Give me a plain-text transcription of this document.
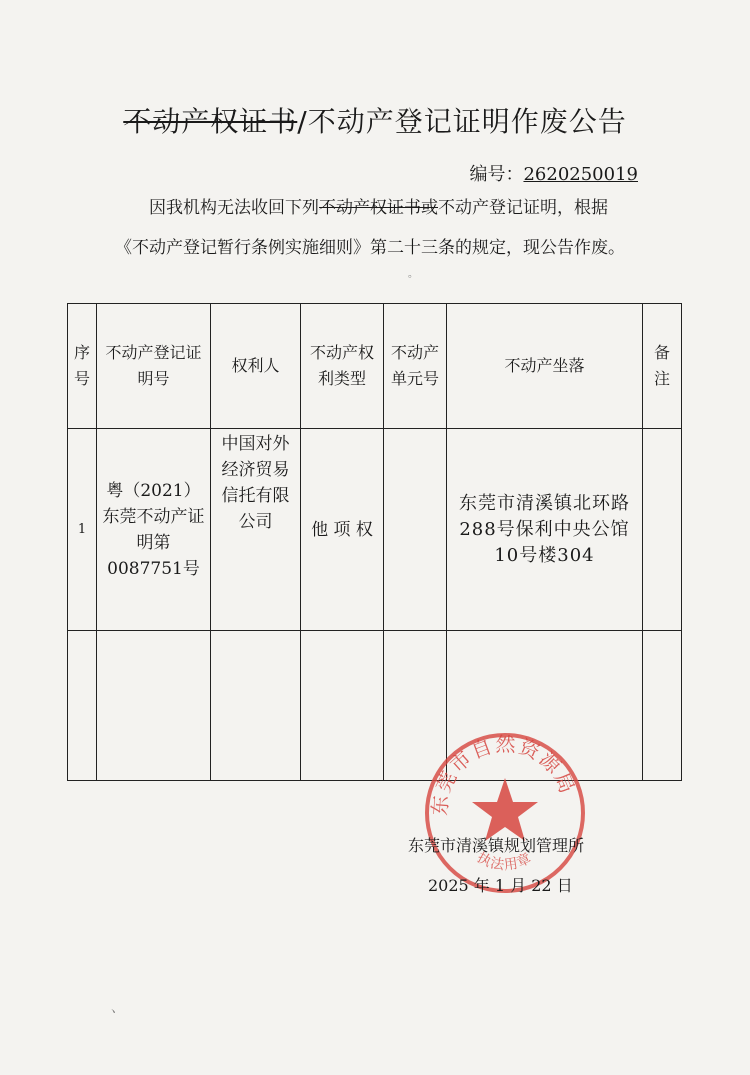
不动产权证书/不动产登记证明作废公告
编号：2620250019
因我机构无法收回下列不动产权证书或不动产登记证明，根据
《不动产登记暂行条例实施细则》第二十三条的规定，现公告作废。
序号	不动产登记证明号	权利人	不动产权利类型	不动产单元号	不动产坐落	备注
1	粤（2021）东莞不动产证明第0087751号	中国对外经济贸易信托有限公司	他 项 权		东莞市清溪镇北环路288号保利中央公馆10号楼304	

东莞市自然资源局
执法用章
东莞市清溪镇规划管理所
2025 年 1 月 22 日
。
ヽ
